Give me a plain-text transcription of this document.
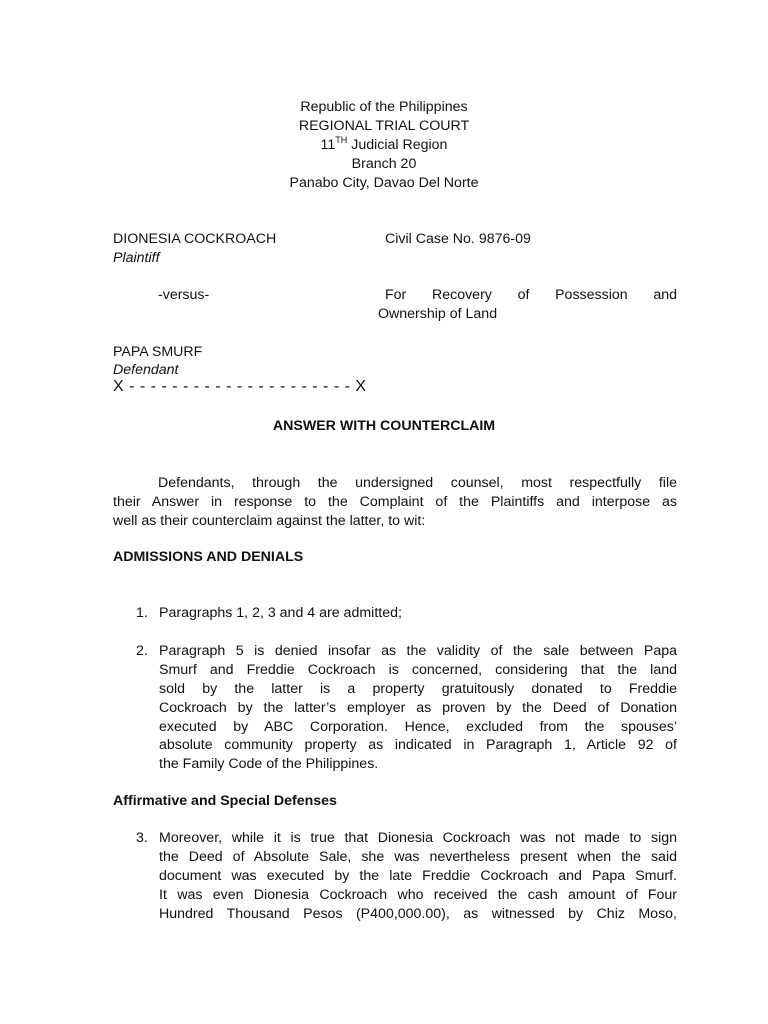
Republic of the Philippines
REGIONAL TRIAL COURT
11TH Judicial Region
Branch 20
Panabo City, Davao Del Norte
DIONESIA COCKROACH
Plaintiff
Civil Case No. 9876-09
-versus-	For Recovery of Possession and
Ownership of Land
PAPA SMURF
Defendant
X - - - - - - - - - - - - - - - - - - - - - X
ANSWER WITH COUNTERCLAIM
Defendants, through the undersigned counsel, most respectfully file
their Answer in response to the Complaint of the Plaintiffs and interpose as
well as their counterclaim against the latter, to wit:
ADMISSIONS AND DENIALS
1. Paragraphs 1, 2, 3 and 4 are admitted;
2. Paragraph 5 is denied insofar as the validity of the sale between Papa
Smurf and Freddie Cockroach is concerned, considering that the land
sold by the latter is a property gratuitously donated to Freddie
Cockroach by the latter’s employer as proven by the Deed of Donation
executed by ABC Corporation. Hence, excluded from the spouses’
absolute community property as indicated in Paragraph 1, Article 92 of
the Family Code of the Philippines.
Affirmative and Special Defenses
3. Moreover, while it is true that Dionesia Cockroach was not made to sign
the Deed of Absolute Sale, she was nevertheless present when the said
document was executed by the late Freddie Cockroach and Papa Smurf.
It was even Dionesia Cockroach who received the cash amount of Four
Hundred Thousand Pesos (P400,000.00), as witnessed by Chiz Moso,
